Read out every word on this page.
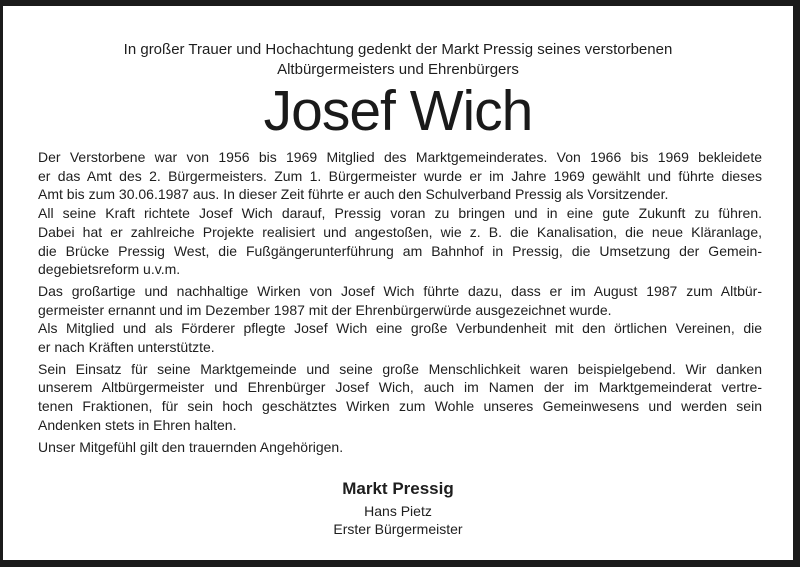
In großer Trauer und Hochachtung gedenkt der Markt Pressig seines verstorbenen
Altbürgermeisters und Ehrenbürgers
Josef Wich
Der Verstorbene war von 1956 bis 1969 Mitglied des Marktgemeinderates. Von 1966 bis 1969 bekleidete
er das Amt des 2. Bürgermeisters. Zum 1. Bürgermeister wurde er im Jahre 1969 gewählt und führte dieses
Amt bis zum 30.06.1987 aus. In dieser Zeit führte er auch den Schulverband Pressig als Vorsitzender.
All seine Kraft richtete Josef Wich darauf, Pressig voran zu bringen und in eine gute Zukunft zu führen.
Dabei hat er zahlreiche Projekte realisiert und angestoßen, wie z. B. die Kanalisation, die neue Kläranlage,
die Brücke Pressig West, die Fußgängerunterführung am Bahnhof in Pressig, die Umsetzung der Gemein-
degebietsreform u.v.m.
Das großartige und nachhaltige Wirken von Josef Wich führte dazu, dass er im August 1987 zum Altbür-
germeister ernannt und im Dezember 1987 mit der Ehrenbürgerwürde ausgezeichnet wurde.
Als Mitglied und als Förderer pflegte Josef Wich eine große Verbundenheit mit den örtlichen Vereinen, die
er nach Kräften unterstützte.
Sein Einsatz für seine Marktgemeinde und seine große Menschlichkeit waren beispielgebend. Wir danken
unserem Altbürgermeister und Ehrenbürger Josef Wich, auch im Namen der im Marktgemeinderat vertre-
tenen Fraktionen, für sein hoch geschätztes Wirken zum Wohle unseres Gemeinwesens und werden sein
Andenken stets in Ehren halten.
Unser Mitgefühl gilt den trauernden Angehörigen.
Markt Pressig
Hans Pietz
Erster Bürgermeister
